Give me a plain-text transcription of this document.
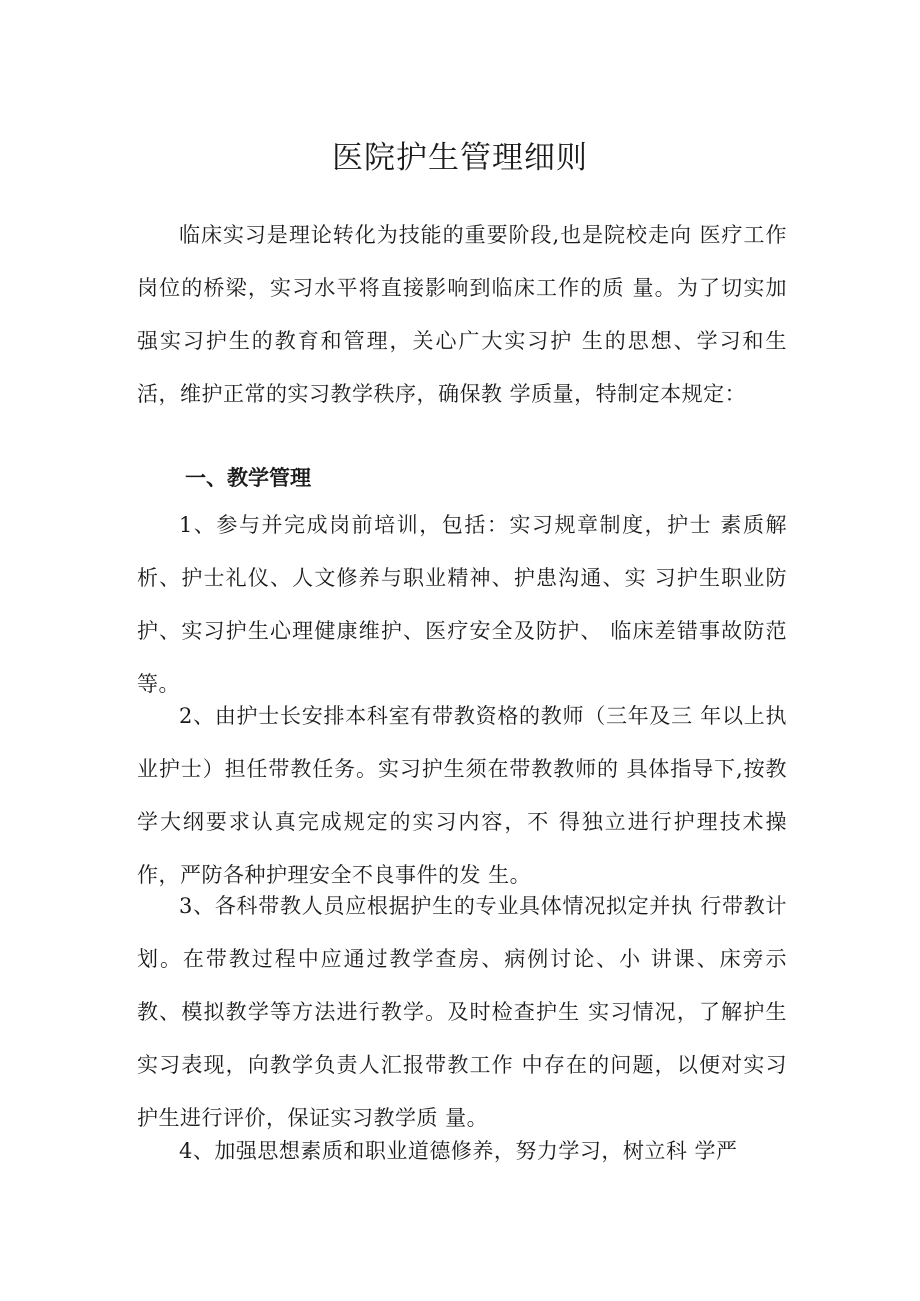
医院护生管理细则

临床实习是理论转化为技能的重要阶段,也是院校走向 医疗工作岗位的桥梁，实习水平将直接影响到临床工作的质 量。为了切实加强实习护生的教育和管理，关心广大实习护 生的思想、学习和生活，维护正常的实习教学秩序，确保教 学质量，特制定本规定：

一、教学管理

1、参与并完成岗前培训，包括：实习规章制度，护士 素质解析、护士礼仪、人文修养与职业精神、护患沟通、实 习护生职业防护、实习护生心理健康维护、医疗安全及防护、 临床差错事故防范等。

2、由护士长安排本科室有带教资格的教师（三年及三 年以上执业护士）担任带教任务。实习护生须在带教教师的 具体指导下,按教学大纲要求认真完成规定的实习内容，不 得独立进行护理技术操作，严防各种护理安全不良事件的发 生。

3、各科带教人员应根据护生的专业具体情况拟定并执 行带教计划。在带教过程中应通过教学查房、病例讨论、小 讲课、床旁示教、模拟教学等方法进行教学。及时检查护生 实习情况，了解护生实习表现，向教学负责人汇报带教工作 中存在的问题，以便对实习护生进行评价，保证实习教学质 量。

4、加强思想素质和职业道德修养，努力学习，树立科 学严
